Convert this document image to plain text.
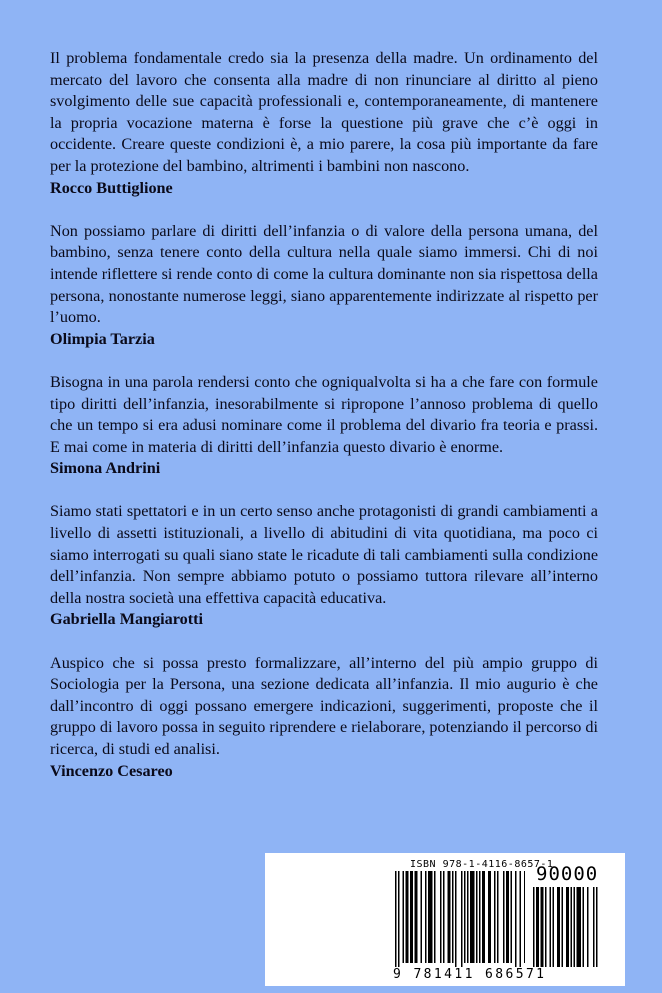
Il problema fondamentale credo sia la presenza della madre. Un ordinamento del mercato del lavoro che consenta alla madre di non rinunciare al diritto al pieno svolgimento delle sue capacità professionali e, contemporaneamente, di mantenere la propria vocazione materna è forse la questione più grave che c’è oggi in occidente. Creare queste condizioni è, a mio parere, la cosa più importante da fare per la protezione del bambino, altrimenti i bambini non nascono.

Rocco Buttiglione

Non possiamo parlare di diritti dell’infanzia o di valore della persona umana, del bambino, senza tenere conto della cultura nella quale siamo immersi. Chi di noi intende riflettere si rende conto di come la cultura dominante non sia rispettosa della persona, nonostante numerose leggi, siano apparentemente indirizzate al rispetto per l’uomo.

Olimpia Tarzia

Bisogna in una parola rendersi conto che ogniqualvolta si ha a che fare con formule tipo diritti dell’infanzia, inesorabilmente si ripropone l’annoso problema di quello che un tempo si era adusi nominare come il problema del divario fra teoria e prassi. E mai come in materia di diritti dell’infanzia questo divario è enorme.

Simona Andrini

Siamo stati spettatori e in un certo senso anche protagonisti di grandi cambiamenti a livello di assetti istituzionali, a livello di abitudini di vita quotidiana, ma poco ci siamo interrogati su quali siano state le ricadute di tali cambiamenti sulla condizione dell’infanzia. Non sempre abbiamo potuto o possiamo tuttora rilevare all’interno della nostra società una effettiva capacità educativa.

Gabriella Mangiarotti

Auspico che si possa presto formalizzare, all’interno del più ampio gruppo di Sociologia per la Persona, una sezione dedicata all’infanzia. Il mio augurio è che dall’incontro di oggi possano emergere indicazioni, suggerimenti, proposte che il gruppo di lavoro possa in seguito riprendere e rielaborare, potenziando il percorso di ricerca, di studi ed analisi.

Vincenzo Cesareo

ISBN 978-1-4116-8657-1
90000
9 781411 686571
